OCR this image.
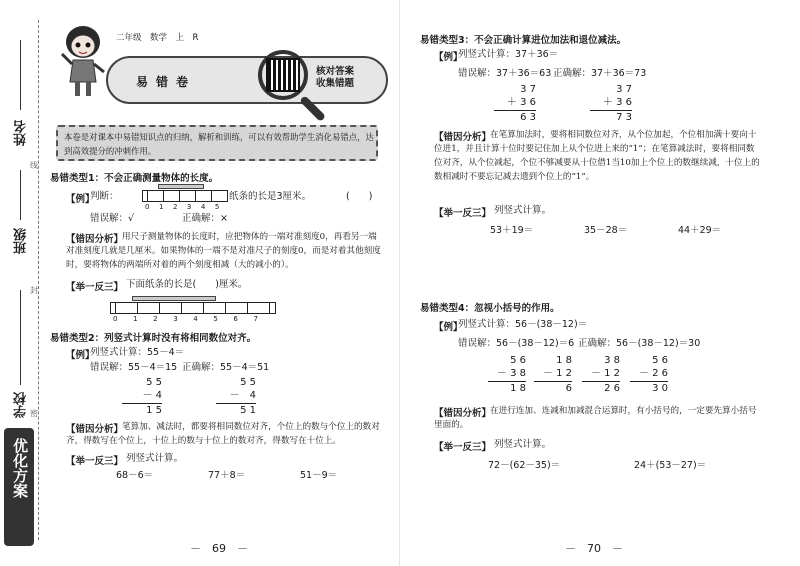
姓名
班级
学校
线
封
密
优化方案
二年级　数学　上　R
易错卷
核对答案
收集错题
本卷是对课本中易错知识点的归纳，解析和训练，可以有效帮助学生消化易错点，达到高效提分的冲刺作用。
易错类型1：不会正确测量物体的长度。
【例】
判断：
012345
纸条的长是3厘米。	(　　)
错误解：√	正确解：×
【错因分析】
用尺子测量物体的长度时，应把物体的一端对准刻度0，再看另一端对准刻度几就是几厘米。如果物体的一端不是对准尺子的刻度0，而是对着其他刻度时，要将物体的两端所对着的两个刻度相减（大的减小的）。
【举一反三】 下面纸条的长是(　　)厘米。
01234567
易错类型2：列竖式计算时没有将相同数位对齐。
【例】
列竖式计算：55－4＝
错误解：55－4＝15 正确解：55－4＝51
5 5
－ 4
1 5
5 5
－　4
5 1
【错因分析】
笔算加、减法时，都要将相同数位对齐，个位上的数与个位上的数对齐，得数写在个位上，十位上的数与十位上的数对齐，得数写在十位上。
【举一反三】 列竖式计算。
68－6＝	77＋8＝	51－9＝
－　69　－
易错类型3：不会正确计算进位加法和退位减法。
【例】
列竖式计算：37＋36＝
错误解：37＋36＝63 正确解：37＋36＝73
3 7
＋ 3 6
6 3
3 7
＋ 3 6
7 3
【错因分析】
在笔算加法时，要将相同数位对齐，从个位加起，个位相加满十要向十位进1，并且计算十位时要记住加上从个位进上来的“1”；在笔算减法时，要将相同数位对齐，从个位减起，个位不够减要从十位借1当10加上个位上的数继续减，十位上的数相减时不要忘记减去遗到个位上的“1”。
【举一反三】 列竖式计算。
53＋19＝	35－28＝	44＋29＝
易错类型4：忽视小括号的作用。
【例】
列竖式计算：56－(38－12)＝
错误解：56－(38－12)＝6 正确解：56－(38－12)＝30
5 6
－ 3 8
1 8
1 8
－ 1 2
6
3 8
－ 1 2
2 6
5 6
－ 2 6
3 0
【错因分析】
在进行连加、连减和加减混合运算时，有小括号的，一定要先算小括号里面的。
【举一反三】 列竖式计算。
72－(62－35)＝	24＋(53－27)＝
－　70　－
